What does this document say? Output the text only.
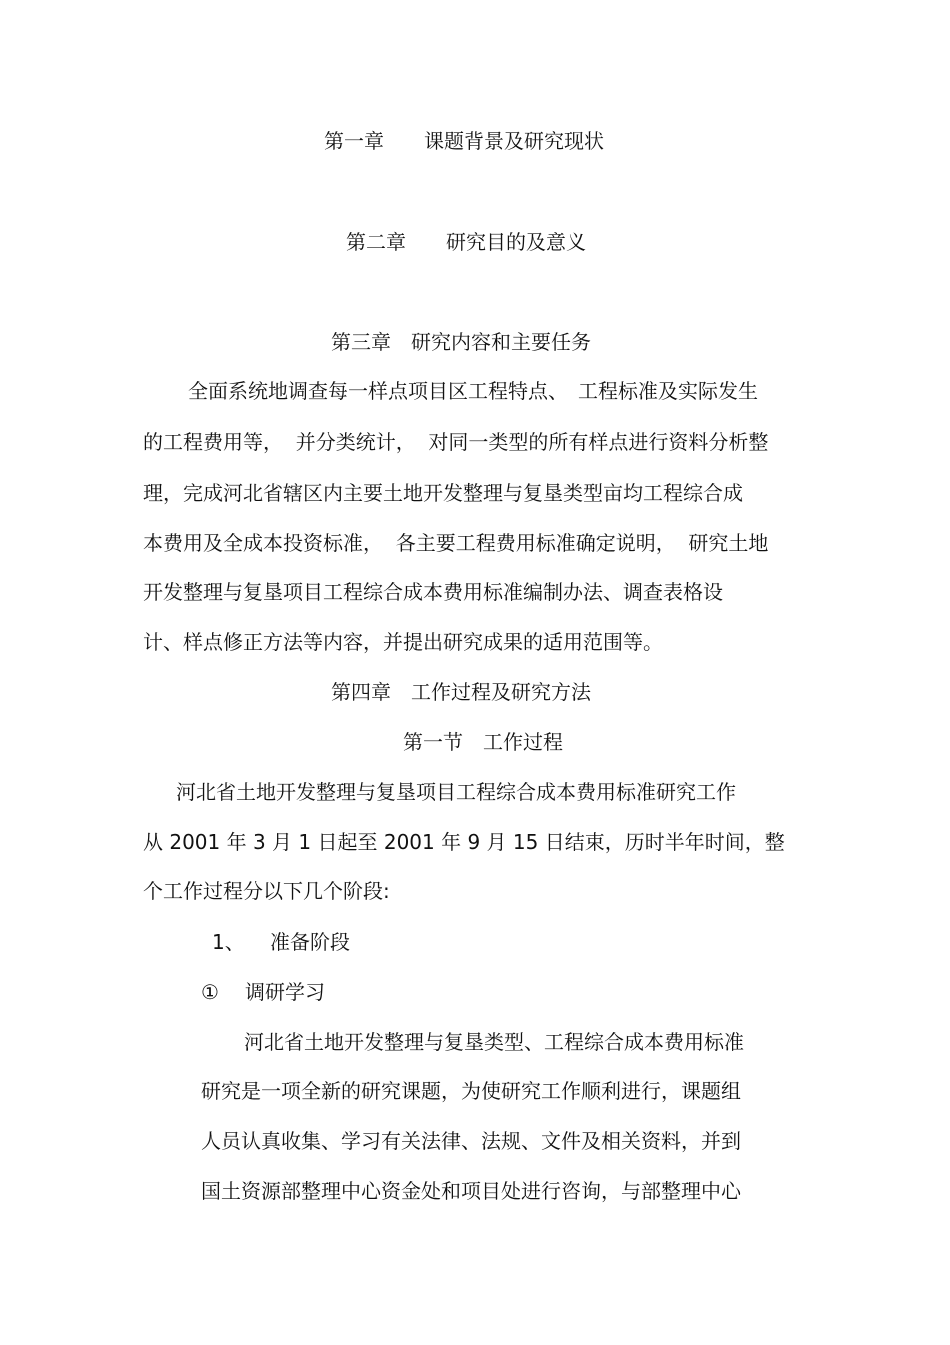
第一章　　课题背景及研究现状
第二章　　研究目的及意义
第三章　研究内容和主要任务
全面系统地调查每一样点项目区工程特点、　工程标准及实际发生
的工程费用等，  并分类统计，  对同一类型的所有样点进行资料分析整
理，完成河北省辖区内主要土地开发整理与复垦类型亩均工程综合成
本费用及全成本投资标准，  各主要工程费用标准确定说明，  研究土地
开发整理与复垦项目工程综合成本费用标准编制办法、调查表格设
计、样点修正方法等内容，并提出研究成果的适用范围等。
第四章　工作过程及研究方法
第一节　工作过程
河北省土地开发整理与复垦项目工程综合成本费用标准研究工作
从 2001 年 3 月 1 日起至 2001 年 9 月 15 日结束，历时半年时间，整
个工作过程分以下几个阶段:
1、 准备阶段
① 调研学习
河北省土地开发整理与复垦类型、工程综合成本费用标准
研究是一项全新的研究课题，为使研究工作顺利进行，课题组
人员认真收集、学习有关法律、法规、文件及相关资料，并到
国土资源部整理中心资金处和项目处进行咨询，与部整理中心
